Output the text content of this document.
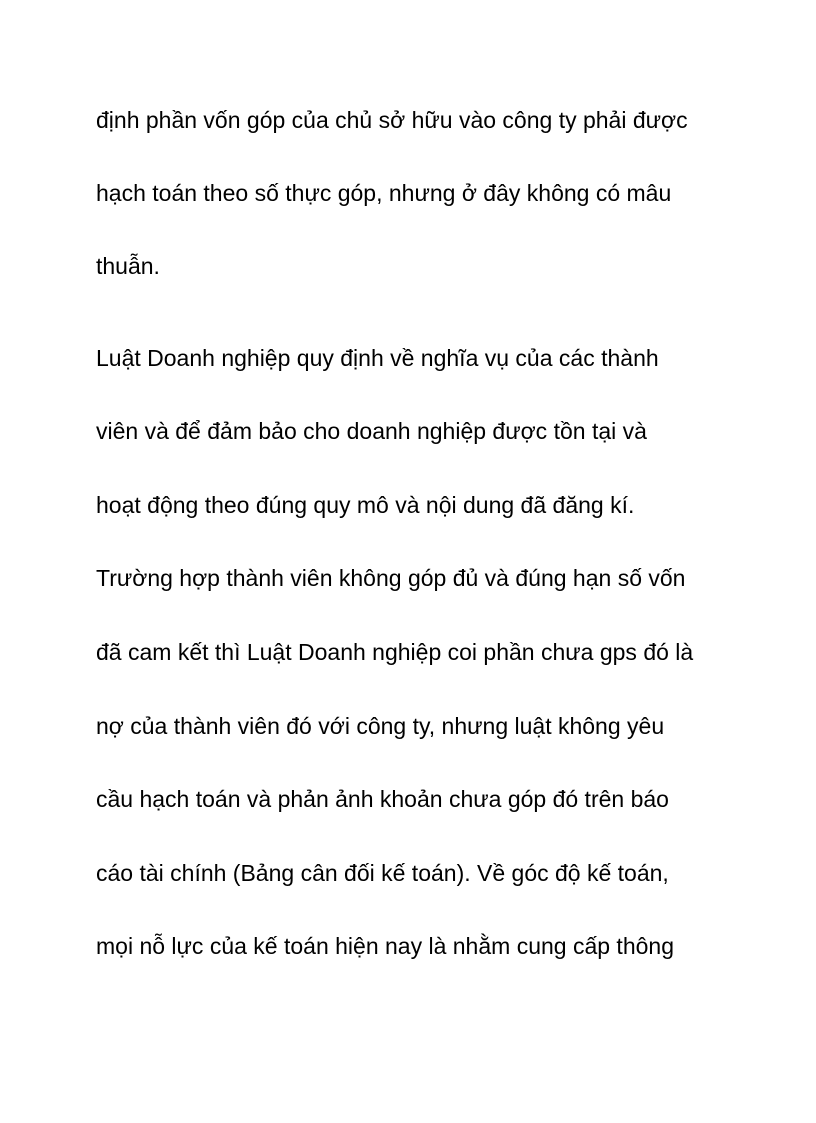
định phần vốn góp của chủ sở hữu vào công ty phải được
hạch toán theo số thực góp, nhưng ở đây không có mâu
thuẫn.
Luật Doanh nghiệp quy định về nghĩa vụ của các thành
viên và để đảm bảo cho doanh nghiệp được tồn tại và
hoạt động theo đúng quy mô và nội dung đã đăng kí.
Trường hợp thành viên không góp đủ và đúng hạn số vốn
đã cam kết thì Luật Doanh nghiệp coi phần chưa gps đó là
nợ của thành viên đó với công ty, nhưng luật không yêu
cầu hạch toán và phản ảnh khoản chưa góp đó trên báo
cáo tài chính (Bảng cân đối kế toán). Về góc độ kế toán,
mọi nỗ lực của kế toán hiện nay là nhằm cung cấp thông
